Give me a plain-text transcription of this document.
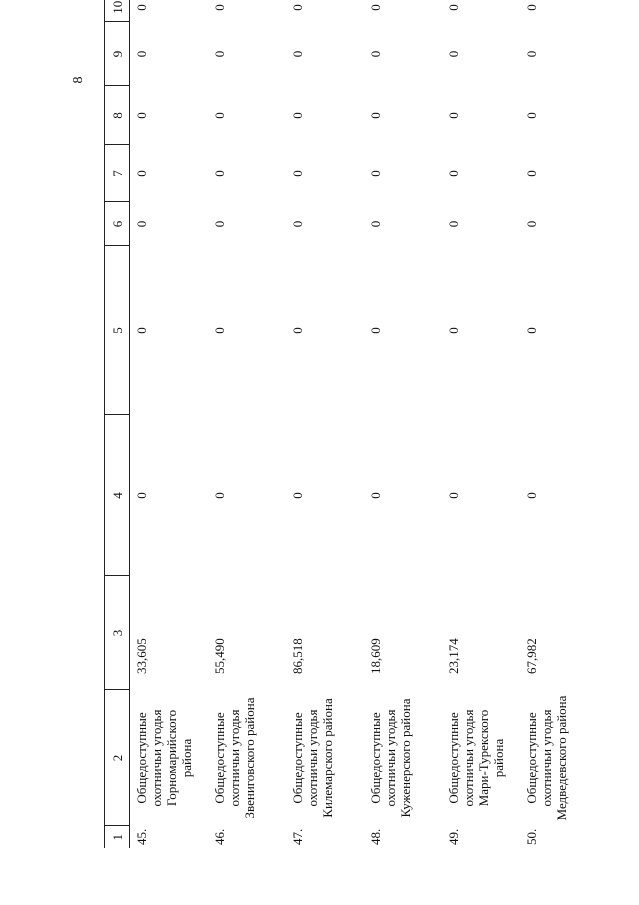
8
1	2	3	4	5	6	7	8	9	10
45.	Общедоступные охотничьи угодья Горномарийского района	33,605	0	0	0	0	0	0	0
46.	Общедоступные охотничьи угодья Звениговского района	55,490	0	0	0	0	0	0	0
47.	Общедоступные охотничьи угодья Килемарского района	86,518	0	0	0	0	0	0	0
48.	Общедоступные охотничьи угодья Куженерского района	18,609	0	0	0	0	0	0	0
49.	Общедоступные охотничьи угодья Мари-Турекского района	23,174	0	0	0	0	0	0	0
50.	Общедоступные охотничьи угодья Медведевского района	67,982	0	0	0	0	0	0	0
